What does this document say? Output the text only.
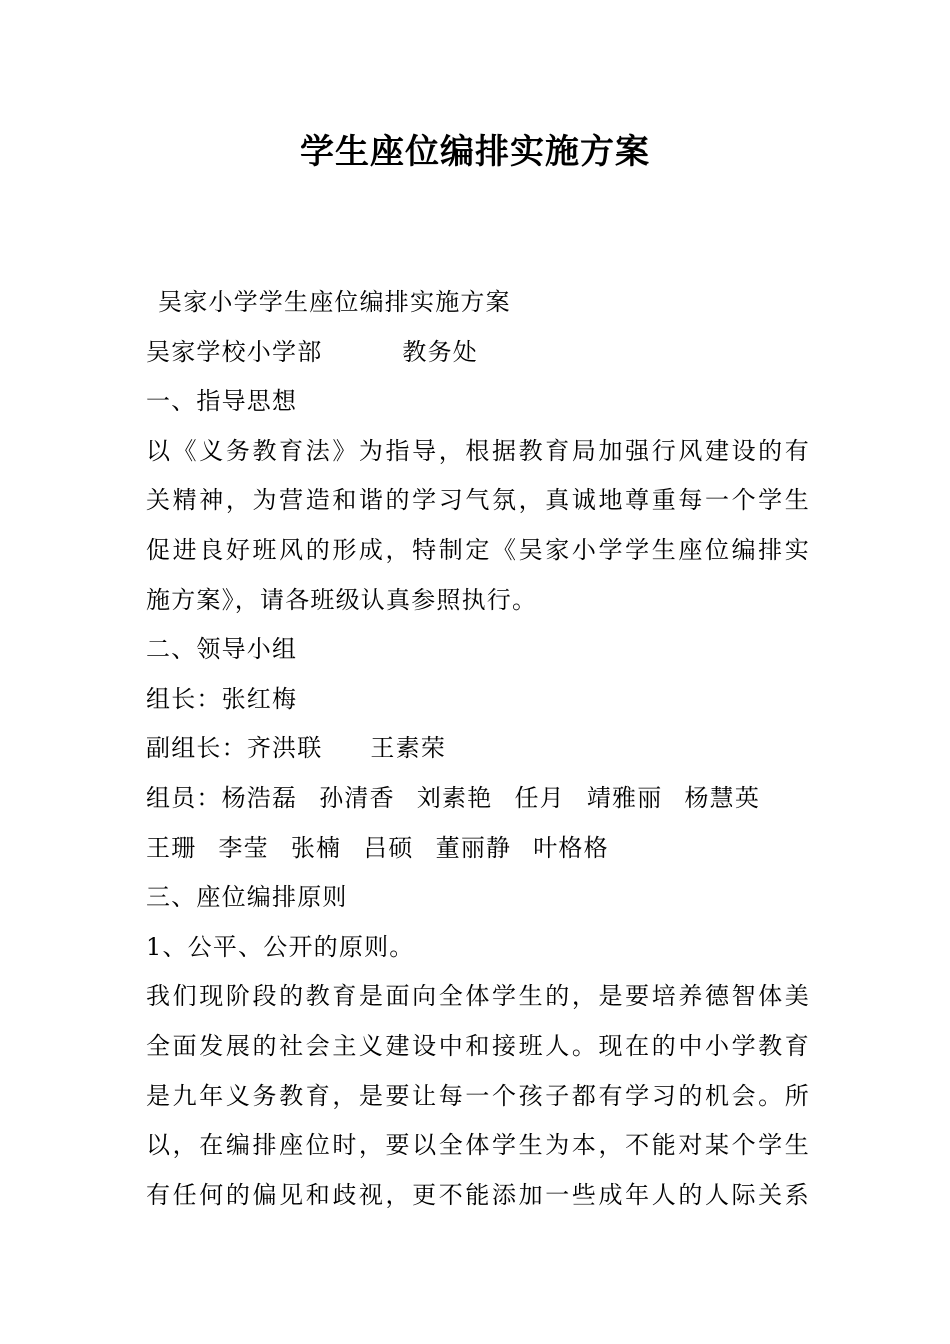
学生座位编排实施方案
吴家小学学生座位编排实施方案
吴家学校小学部	教务处
一、指导思想
以《义务教育法》为指导，根据教育局加强行风建设的有
关精神，为营造和谐的学习气氛，真诚地尊重每一个学生
促进良好班风的形成，特制定《吴家小学学生座位编排实
施方案》，请各班级认真参照执行。
二、领导小组
组长：张红梅
副组长：齐洪联 王素荣
组员：杨浩磊 孙清香 刘素艳 任月 靖雅丽 杨慧英
王珊 李莹 张楠 吕硕 董丽静 叶格格
三、座位编排原则
1、公平、公开的原则。
我们现阶段的教育是面向全体学生的，是要培养德智体美
全面发展的社会主义建设中和接班人。现在的中小学教育
是九年义务教育，是要让每一个孩子都有学习的机会。所
以，在编排座位时，要以全体学生为本，不能对某个学生
有任何的偏见和歧视，更不能添加一些成年人的人际关系
